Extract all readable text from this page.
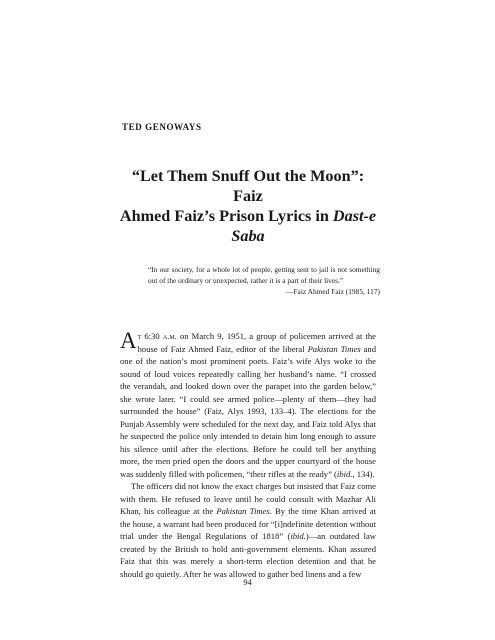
TED GENOWAYS
“Let Them Snuff Out the Moon”: Faiz
Ahmed Faiz’s Prison Lyrics in Dast-e Saba
“In our society, for a whole lot of people, getting sent to jail is not something out of the ordinary or unexpected, rather it is a part of their lives.”
—Faiz Ahmed Faiz (1985, 117)

At 6:30 a.m. on March 9, 1951, a group of policemen arrived at the house of Faiz Ahmed Faiz, editor of the liberal Pakistan Times and one of the nation’s most prominent poets. Faiz’s wife Alys woke to the sound of loud voices repeatedly calling her husband’s name. “I crossed the verandah, and looked down over the parapet into the garden below,” she wrote later. “I could see armed police—plenty of them—they had surrounded the house” (Faiz, Alys 1993, 133–4). The elections for the Punjab Assembly were scheduled for the next day, and Faiz told Alys that he suspected the police only intended to detain him long enough to assure his silence until after the elections. Before he could tell her anything more, the men pried open the doors and the upper courtyard of the house was suddenly filled with policemen, “their rifles at the ready” (ibid., 134).

The officers did not know the exact charges but insisted that Faiz come with them. He refused to leave until he could consult with Mazhar Ali Khan, his colleague at the Pakistan Times. By the time Khan arrived at the house, a warrant had been produced for “[i]ndefinite detention without trial under the Bengal Regulations of 1818” (ibid.)—an outdated law created by the British to hold anti-government elements. Khan assured Faiz that this was merely a short-term election detention and that he should go quietly. After he was allowed to gather bed linens and a few

94
